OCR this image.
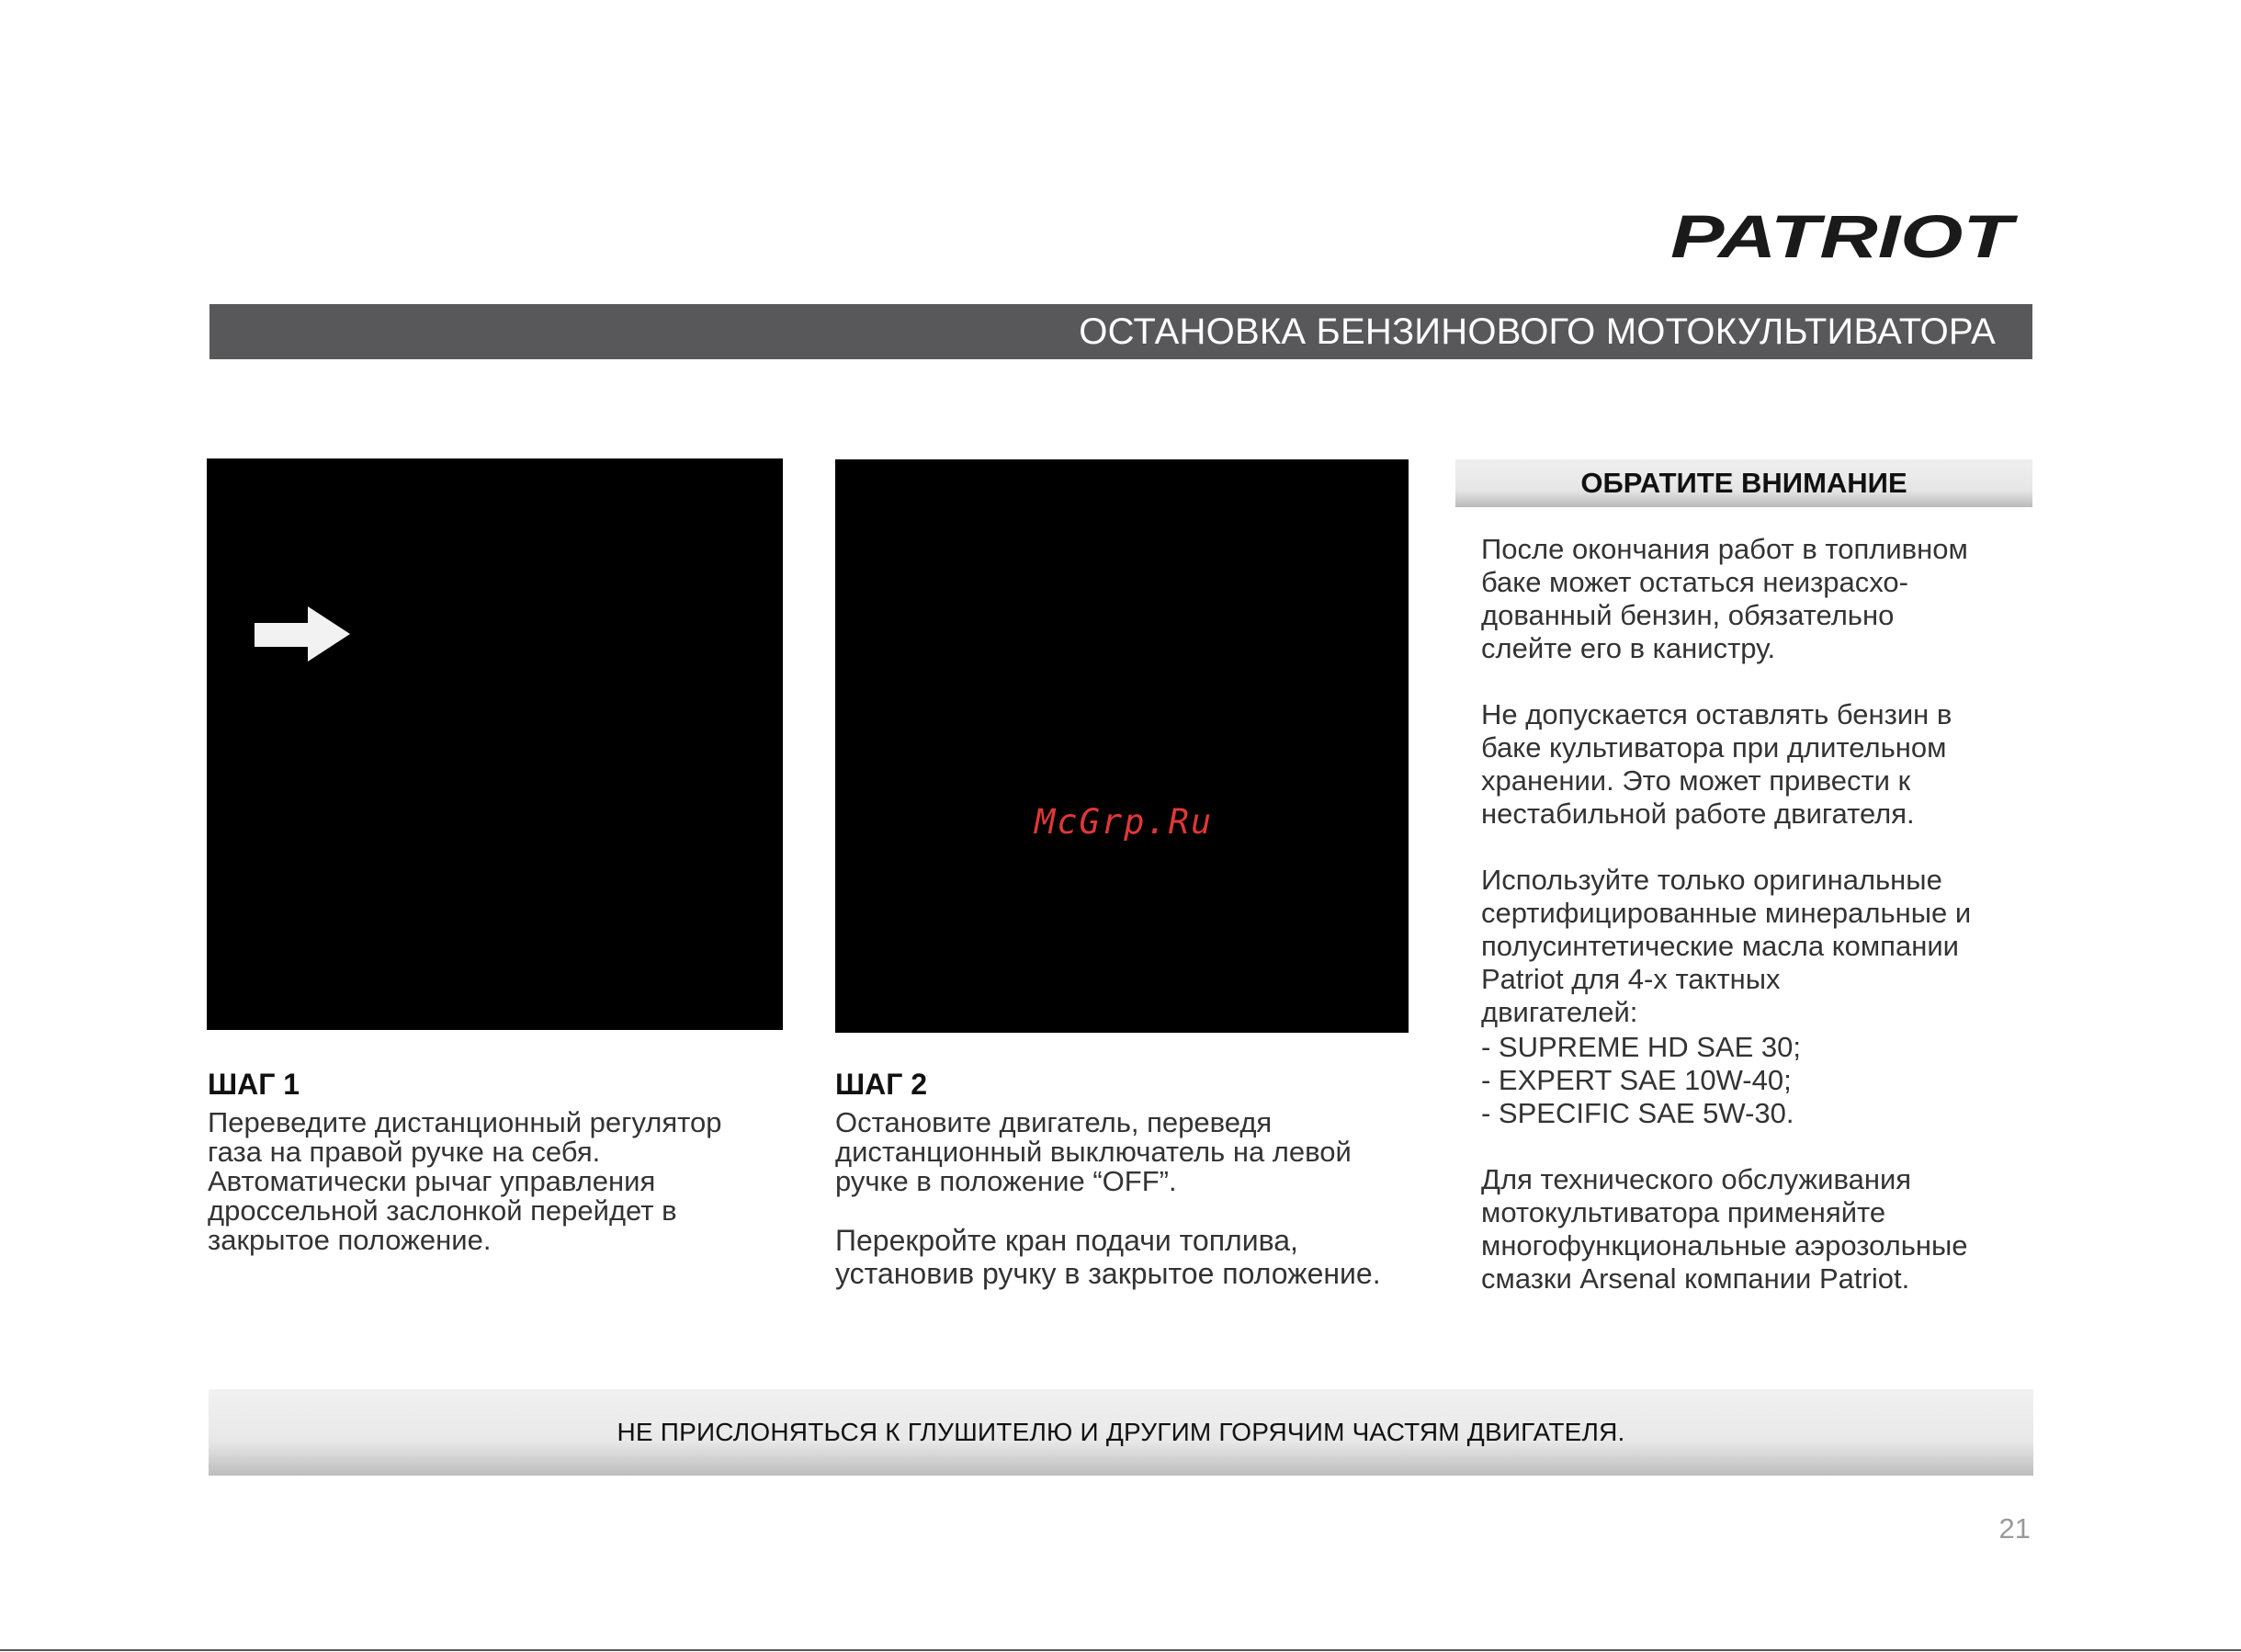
PATRIOT
ОСТАНОВКА БЕНЗИНОВОГО МОТОКУЛЬТИВАТОРА
McGrp.Ru

ШАГ 1

Переведите дистанционный регулятор
газа на правой ручке на себя.
Автоматически рычаг управления
дроссельной заслонкой перейдет в
закрытое положение.

ШАГ 2

Остановите двигатель, переведя
дистанционный выключатель на левой
ручке в положение “OFF”.

Перекройте кран подачи топлива,
установив ручку в закрытое положение.

ОБРАТИТЕ ВНИМАНИЕ

После окончания работ в топливном
баке может остаться неизрасхо-
дованный бензин, обязательно
слейте его в канистру.

Не допускается оставлять бензин в
баке культиватора при длительном
хранении. Это может привести к
нестабильной работе двигателя.

Используйте только оригинальные
сертифицированные минеральные и
полусинтетические масла компании
Patriot для 4-х тактных
двигателей:

- SUPREME HD SAE 30;
- EXPERT SAE 10W-40;
- SPECIFIC SAE 5W-30.

Для технического обслуживания
мотокультиватора применяйте
многофункциональные аэрозольные
смазки Arsenal компании Patriot.

НЕ ПРИСЛОНЯТЬСЯ К ГЛУШИТЕЛЮ И ДРУГИМ ГОРЯЧИМ ЧАСТЯМ ДВИГАТЕЛЯ.
21
